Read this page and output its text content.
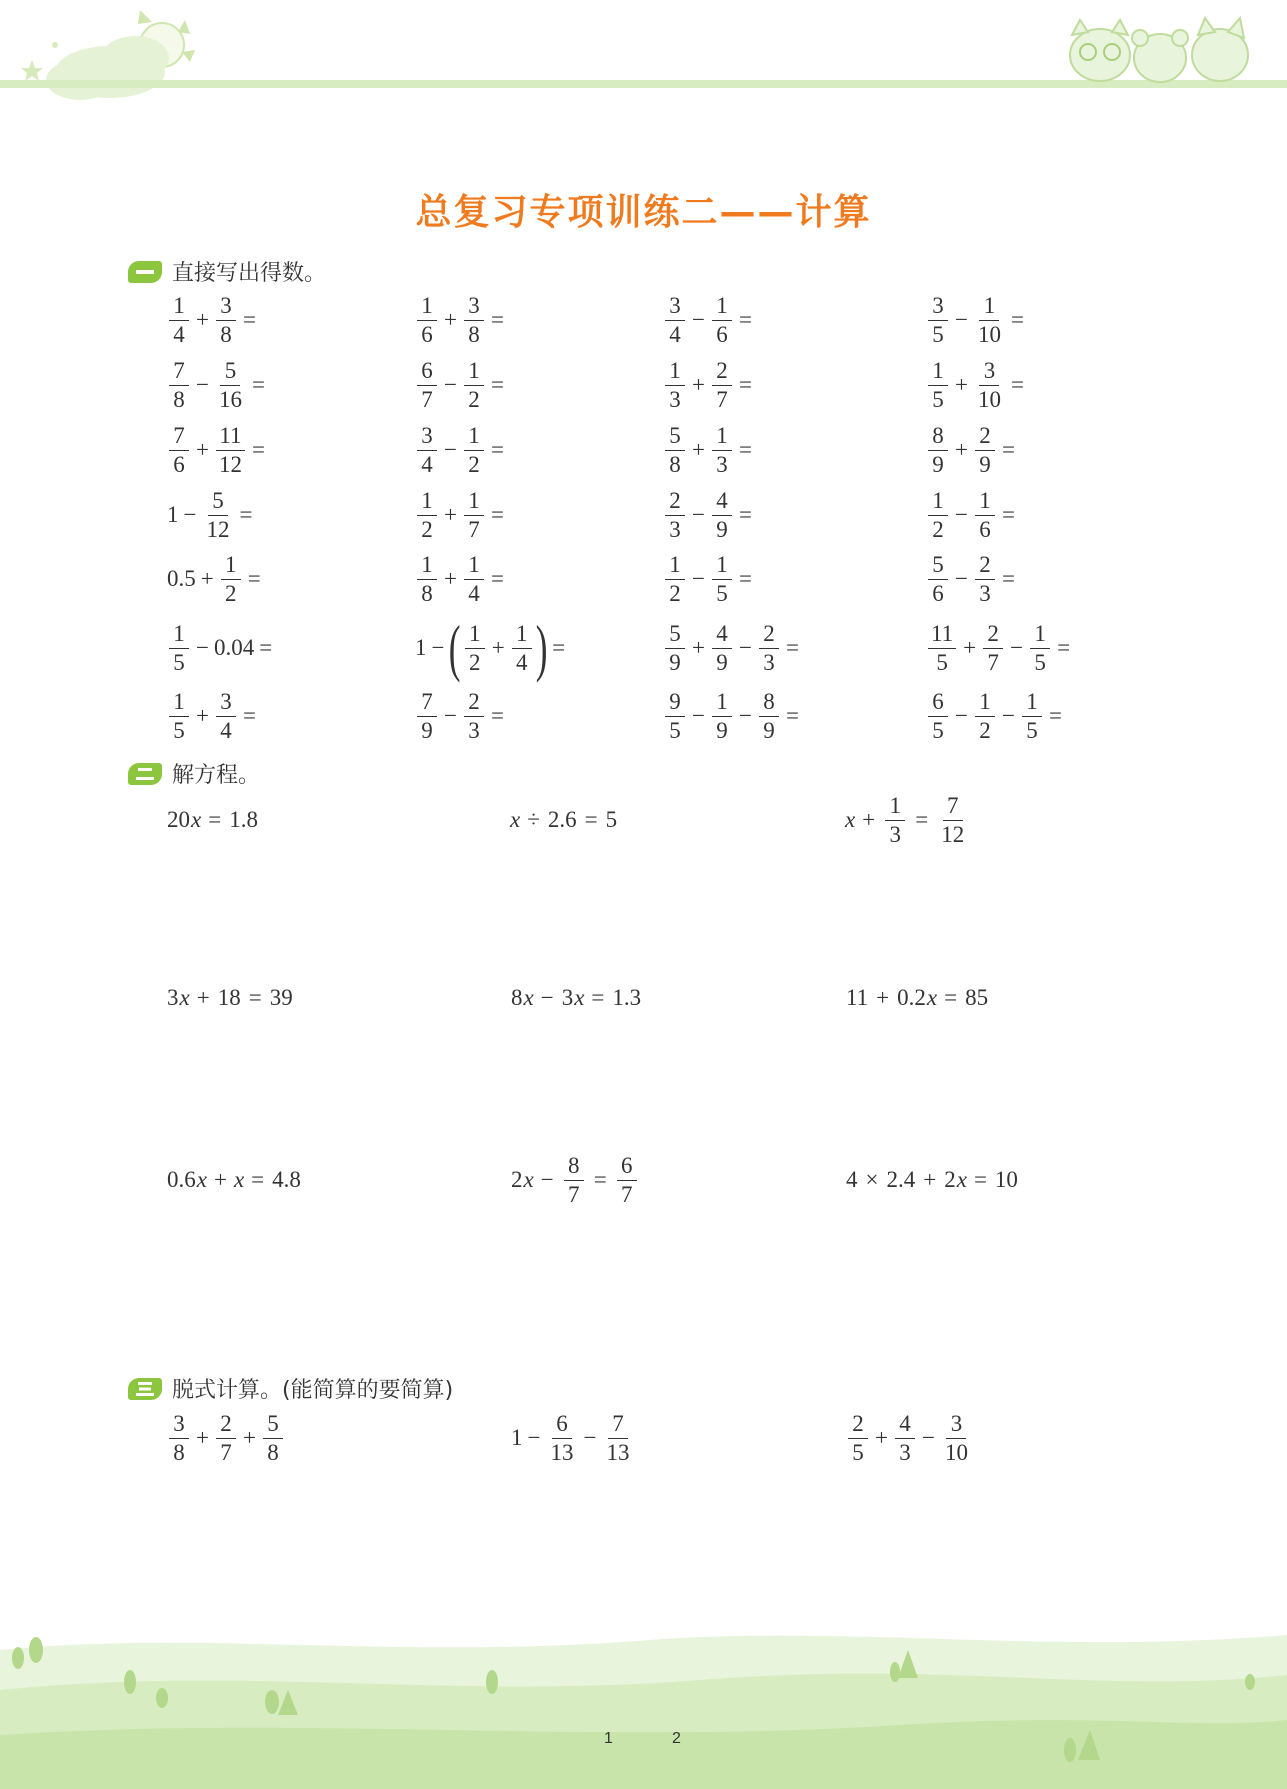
总复习专项训练二——计算
直接写出得数。
$\frac{1}{4} + \frac{3}{8}$ =	$\frac{1}{6} + \frac{3}{8}$ =	$\frac{3}{4} - \frac{1}{6}$ =	$\frac{3}{5} - \frac{1}{10}$ =
$\frac{7}{8} - \frac{5}{16}$ =	$\frac{6}{7} - \frac{1}{2}$ =	$\frac{1}{3} + \frac{2}{7}$ =	$\frac{1}{5} + \frac{3}{10}$ =
$\frac{7}{6} + \frac{11}{12}$ =	$\frac{3}{4} - \frac{1}{2}$ =	$\frac{5}{8} + \frac{1}{3}$ =	$\frac{8}{9} + \frac{2}{9}$ =
$1 - \frac{5}{12}$ =	$\frac{1}{2} + \frac{1}{7}$ =	$\frac{2}{3} - \frac{4}{9}$ =	$\frac{1}{2} - \frac{1}{6}$ =
$0.5 + \frac{1}{2}$ =	$\frac{1}{8} + \frac{1}{4}$ =	$\frac{1}{2} - \frac{1}{5}$ =	$\frac{5}{6} - \frac{2}{3}$ =
$\frac{1}{5} - 0.04$ =	1 − ( $\frac{1}{2} + \frac{1}{4}$ ) =	$\frac{5}{9} + \frac{4}{9} - \frac{2}{3}$ =	$\frac{11}{5} + \frac{2}{7} - \frac{1}{5}$ =
$\frac{1}{5} + \frac{3}{4}$ =	$\frac{7}{9} - \frac{2}{3}$ =	$\frac{9}{5} - \frac{1}{9} - \frac{8}{9}$ =	$\frac{6}{5} - \frac{1}{2} - \frac{1}{5}$ =
解方程。
20 x = 1.8	x ÷ 2.6 = 5	$x + \frac{1}{3} = \frac{7}{12}$
3 x + 18 = 39	8 x − 3 x = 1.3	11 + 0.2 x = 85
0.6 x + x = 4.8	2 $x - \frac{8}{7} = \frac{6}{7}$	4 × 2.4 + 2 x = 10
脱式计算。(能简算的要简算)
$\frac{3}{8} + \frac{2}{7} + \frac{5}{8}$	$1 - \frac{6}{13} - \frac{7}{13}$	$\frac{2}{5} + \frac{4}{3} - \frac{3}{10}$
1	2
